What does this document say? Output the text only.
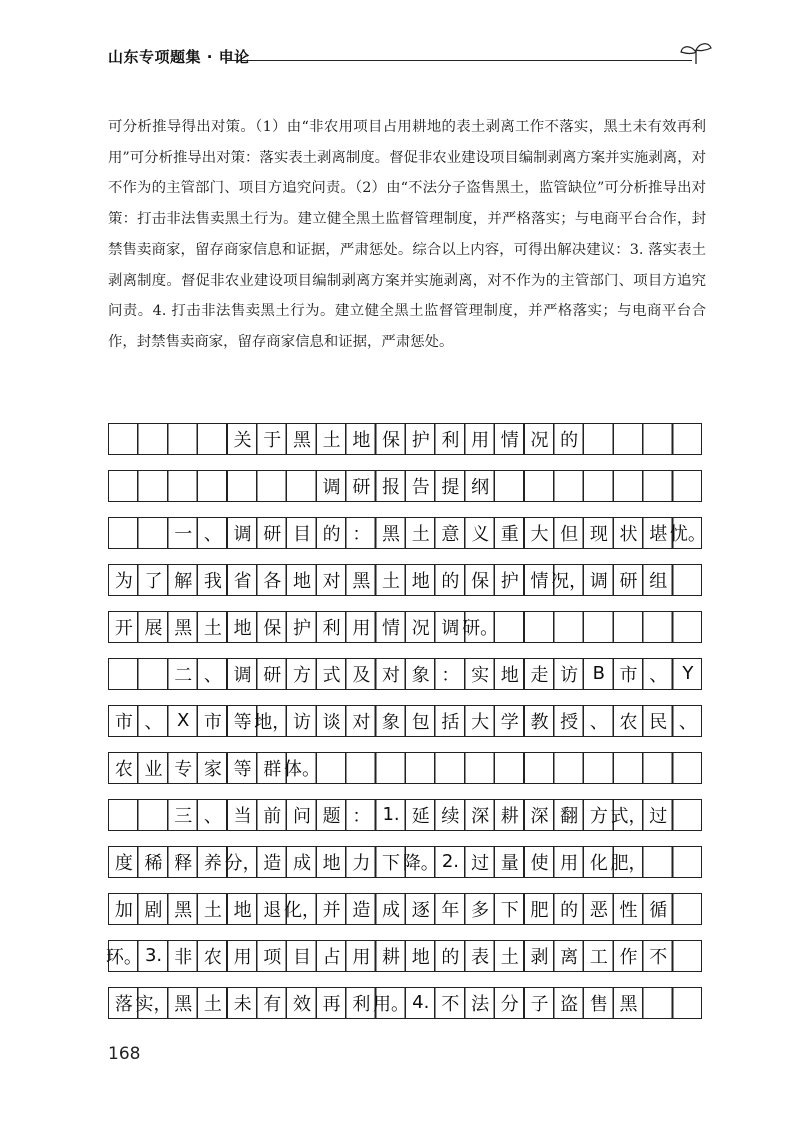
山东专项题集 · 申论

可分析推导得出对策。（1）由“非农用项目占用耕地的表土剥离工作不落实，黑土未有效再利用”可分析推导出对策：落实表土剥离制度。督促非农业建设项目编制剥离方案并实施剥离，对不作为的主管部门、项目方追究问责。（2）由“不法分子盗售黑土，监管缺位”可分析推导出对策：打击非法售卖黑土行为。建立健全黑土监督管理制度，并严格落实；与电商平台合作，封禁售卖商家，留存商家信息和证据，严肃惩处。综合以上内容，可得出解决建议：3. 落实表土剥离制度。督促非农业建设项目编制剥离方案并实施剥离，对不作为的主管部门、项目方追究问责。4. 打击非法售卖黑土行为。建立健全黑土监督管理制度，并严格落实；与电商平台合作，封禁售卖商家，留存商家信息和证据，严肃惩处。

关 于 黑 土 地 保 护 利 用 情 况 的
调 研 报 告 提 纲
一 、 调 研 目 的 ： 黑 土 意 义 重 大 但 现 状 堪 忧。
为 了 解 我 省 各 地 对 黑 土 地 的 保 护 情 况， 调 研 组
开 展 黑 土 地 保 护 利 用 情 况 调 研。
二 、 调 研 方 式 及 对 象 ： 实 地 走 访 B 市 、 Y
市 、 X 市 等 地， 访 谈 对 象 包 括 大 学 教 授 、 农 民 、
农 业 专 家 等 群 体。
三 、 当 前 问 题 ： 1. 延 续 深 耕 深 翻 方 式， 过
度 稀 释 养 分， 造 成 地 力 下 降。 2. 过 量 使 用 化 肥，
加 剧 黑 土 地 退 化， 并 造 成 逐 年 多 下 肥 的 恶 性 循
环。 3. 非 农 用 项 目 占 用 耕 地 的 表 土 剥 离 工 作 不
落 实， 黑 土 未 有 效 再 利 用。 4. 不 法 分 子 盗 售 黑
168
